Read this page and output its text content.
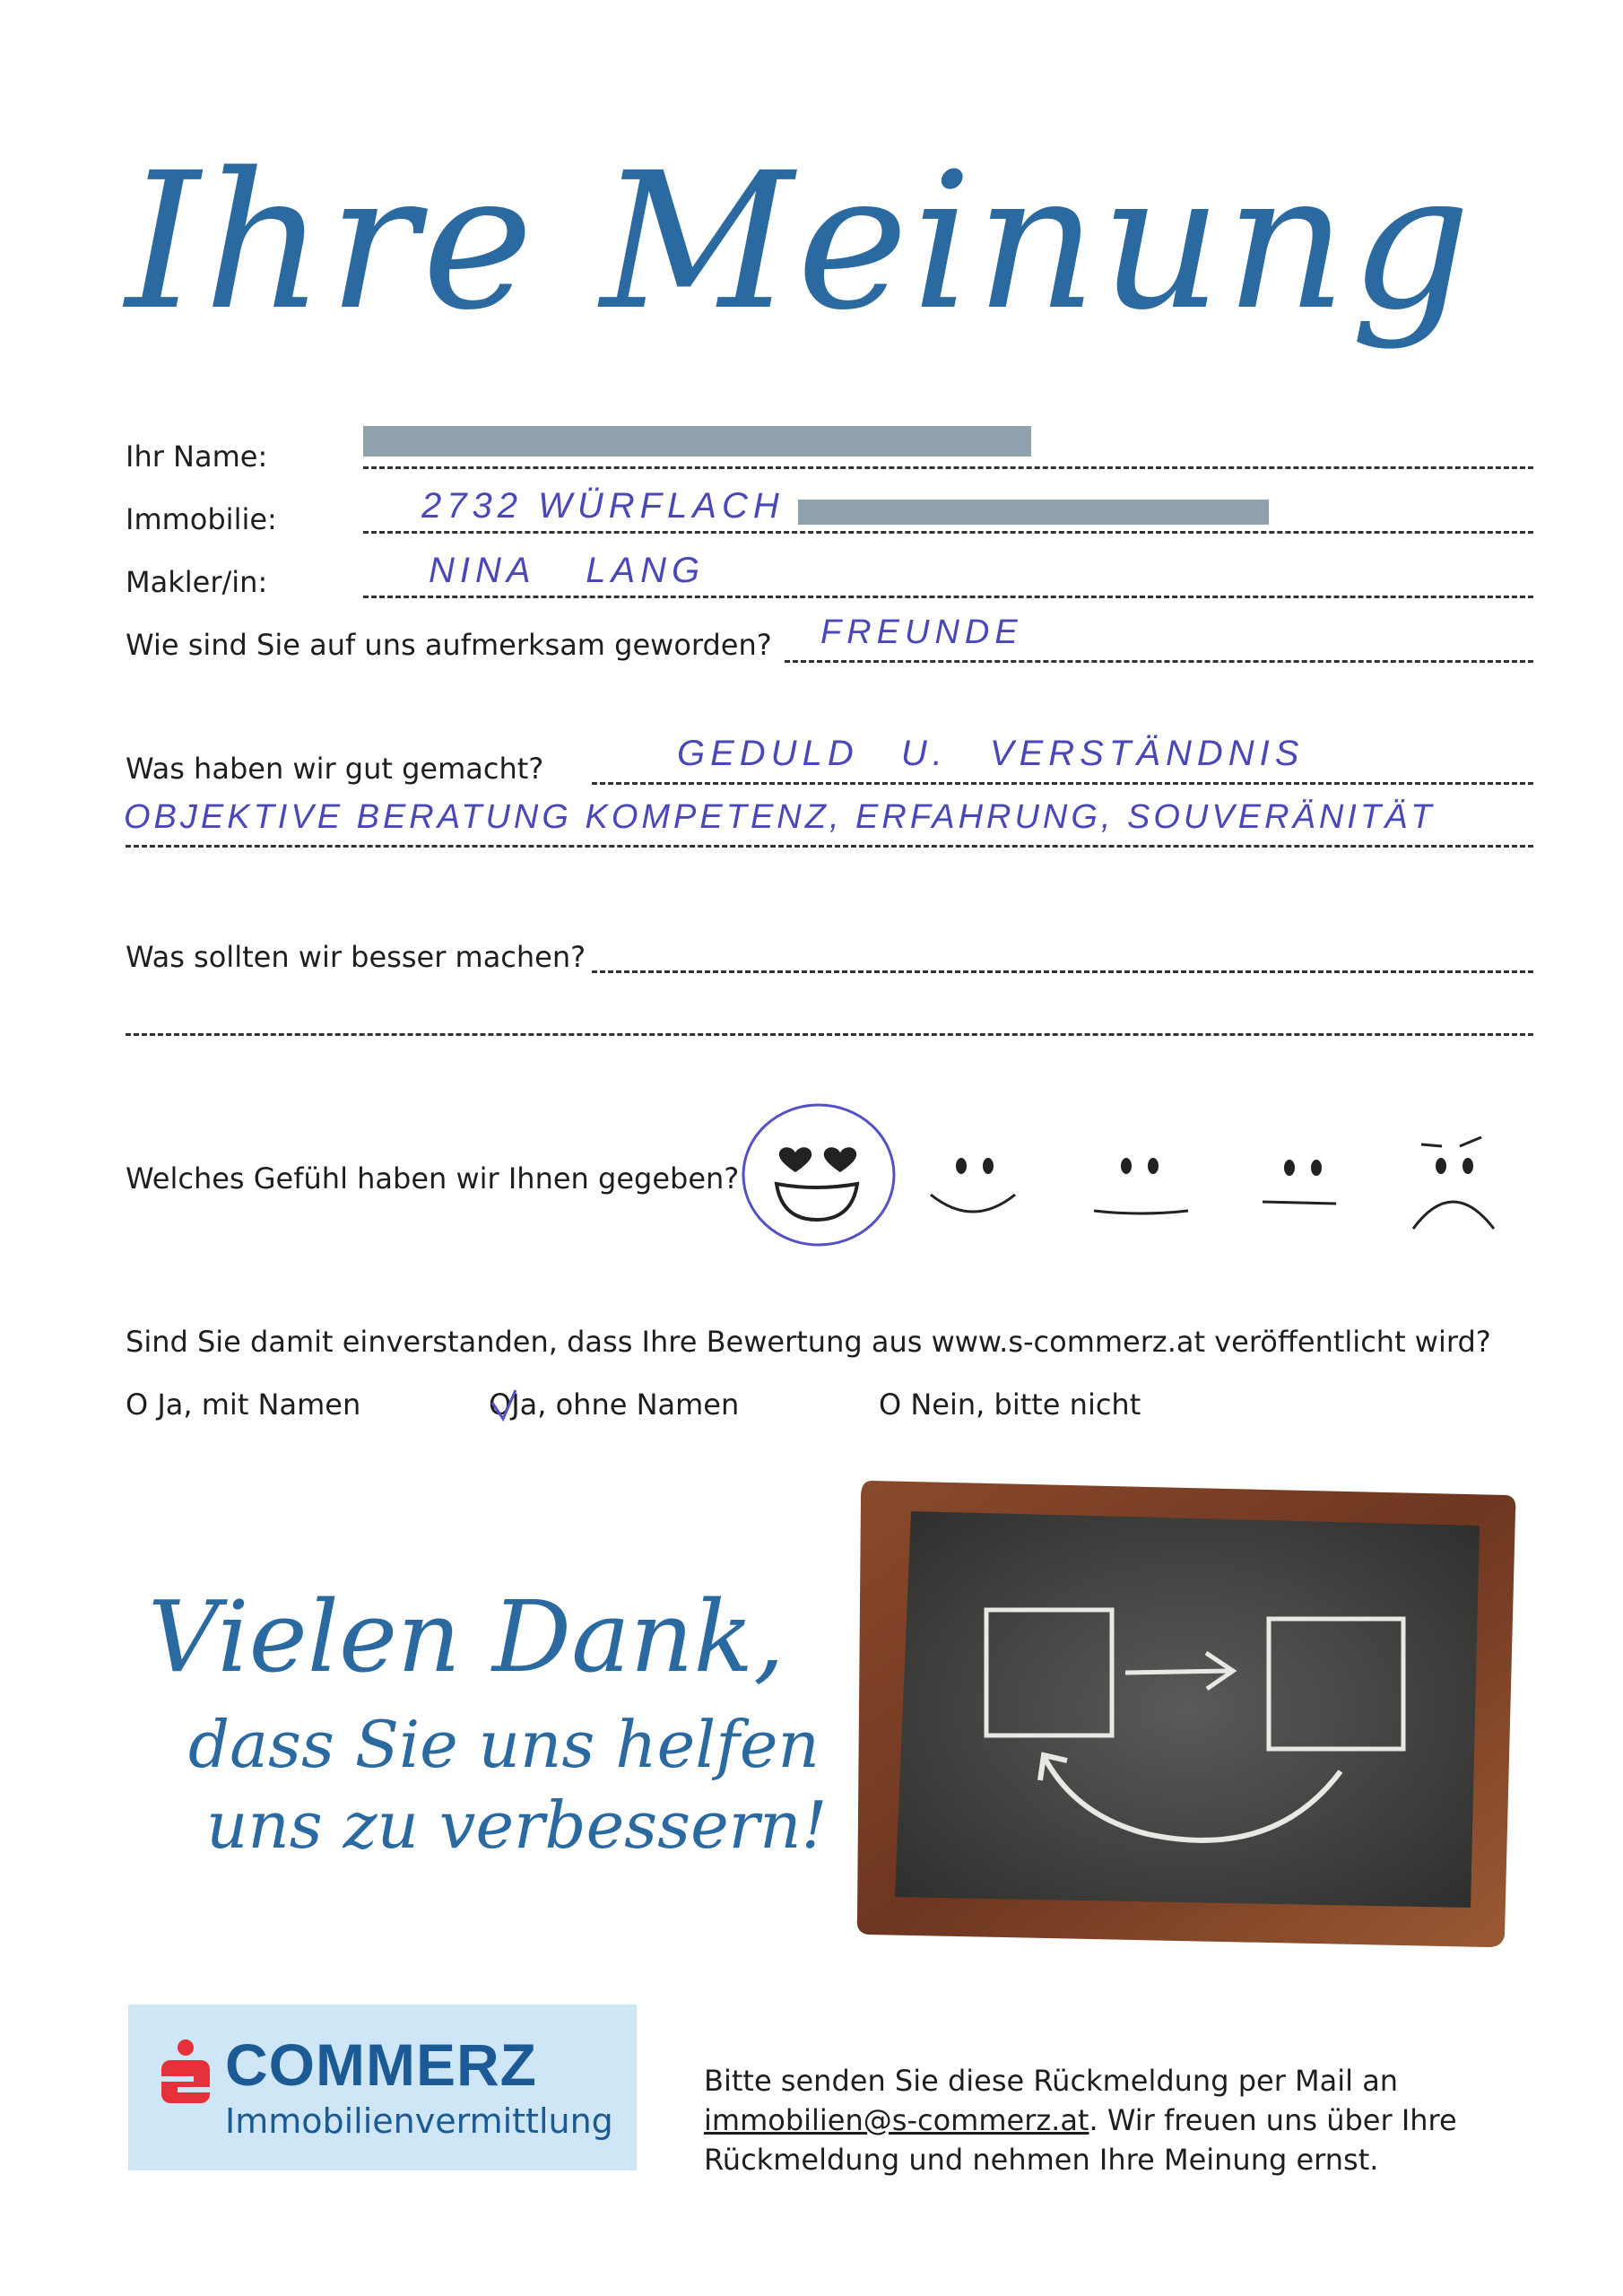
Ihre Meinung
Ihr Name:
Immobilie:	2732 WÜRFLACH
Makler/in:	NINA LANG
Wie sind Sie auf uns aufmerksam geworden? FREUNDE
Was haben wir gut gemacht?	GEDULD U. VERSTÄNDNIS
OBJEKTIVE BERATUNG KOMPETENZ, ERFAHRUNG, SOUVERÄNITÄT
Was sollten wir besser machen?
Welches Gefühl haben wir Ihnen gegeben?
Sind Sie damit einverstanden, dass Ihre Bewertung aus www.s-commerz.at veröffentlicht wird?
O Ja, mit Namen	OJa, ohne Namen	O Nein, bitte nicht
Vielen Dank,
dass Sie uns helfen
uns zu verbessern!
COMMERZ
Immobilienvermittlung
Bitte senden Sie diese Rückmeldung per Mail an
immobilien@s-commerz.at. Wir freuen uns über Ihre
Rückmeldung und nehmen Ihre Meinung ernst.
